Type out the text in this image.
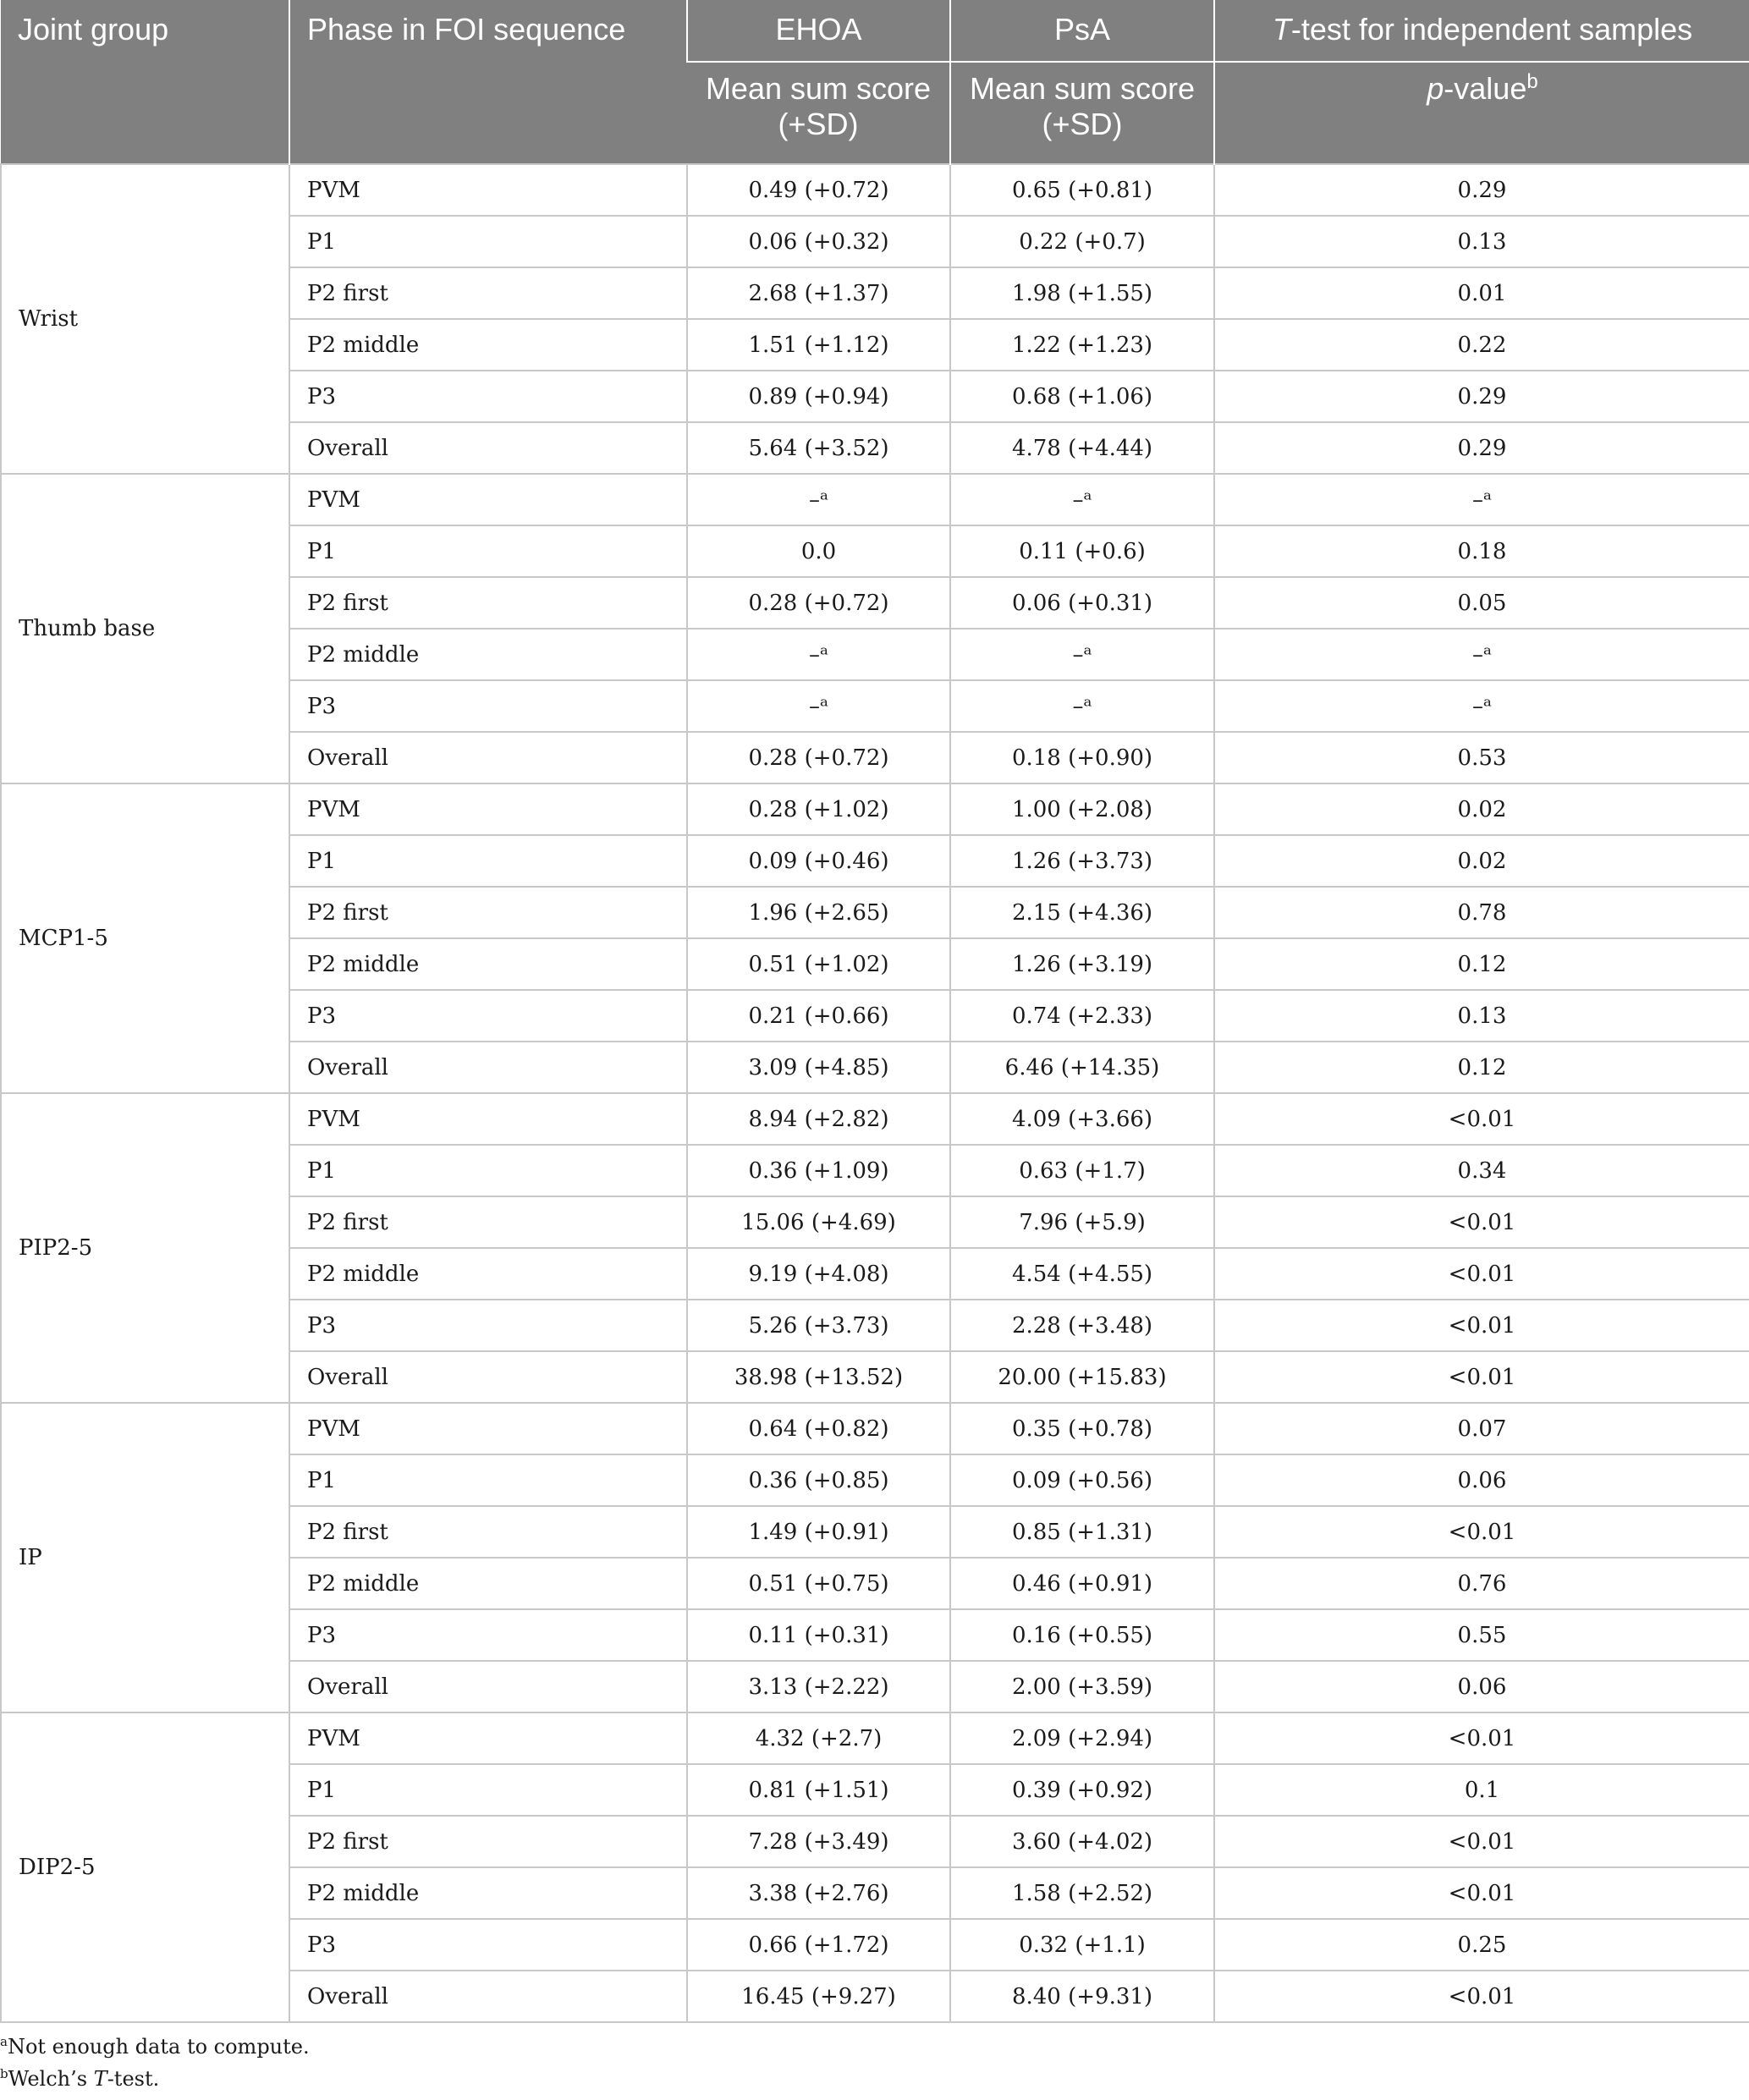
Joint group	Phase in FOI sequence	EHOA	PsA	T-test for independent samples
		Mean sum score (+SD)	Mean sum score (+SD)	p-value$^b$
Wrist	PVM	0.49 (+0.72)	0.65 (+0.81)	0.29
	P1	0.06 (+0.32)	0.22 (+0.7)	0.13
	P2 first	2.68 (+1.37)	1.98 (+1.55)	0.01
	P2 middle	1.51 (+1.12)	1.22 (+1.23)	0.22
	P3	0.89 (+0.94)	0.68 (+1.06)	0.29
	Overall	5.64 (+3.52)	4.78 (+4.44)	0.29
Thumb base	PVM	–ᵃ	–ᵃ	–ᵃ
	P1	0.0	0.11 (+0.6)	0.18
	P2 first	0.28 (+0.72)	0.06 (+0.31)	0.05
	P2 middle	–ᵃ	–ᵃ	–ᵃ
	P3	–ᵃ	–ᵃ	–ᵃ
	Overall	0.28 (+0.72)	0.18 (+0.90)	0.53
MCP1-5	PVM	0.28 (+1.02)	1.00 (+2.08)	0.02
	P1	0.09 (+0.46)	1.26 (+3.73)	0.02
	P2 first	1.96 (+2.65)	2.15 (+4.36)	0.78
	P2 middle	0.51 (+1.02)	1.26 (+3.19)	0.12
	P3	0.21 (+0.66)	0.74 (+2.33)	0.13
	Overall	3.09 (+4.85)	6.46 (+14.35)	0.12
PIP2-5	PVM	8.94 (+2.82)	4.09 (+3.66)	<0.01
	P1	0.36 (+1.09)	0.63 (+1.7)	0.34
	P2 first	15.06 (+4.69)	7.96 (+5.9)	<0.01
	P2 middle	9.19 (+4.08)	4.54 (+4.55)	<0.01
	P3	5.26 (+3.73)	2.28 (+3.48)	<0.01
	Overall	38.98 (+13.52)	20.00 (+15.83)	<0.01
IP	PVM	0.64 (+0.82)	0.35 (+0.78)	0.07
	P1	0.36 (+0.85)	0.09 (+0.56)	0.06
	P2 first	1.49 (+0.91)	0.85 (+1.31)	<0.01
	P2 middle	0.51 (+0.75)	0.46 (+0.91)	0.76
	P3	0.11 (+0.31)	0.16 (+0.55)	0.55
	Overall	3.13 (+2.22)	2.00 (+3.59)	0.06
DIP2-5	PVM	4.32 (+2.7)	2.09 (+2.94)	<0.01
	P1	0.81 (+1.51)	0.39 (+0.92)	0.1
	P2 first	7.28 (+3.49)	3.60 (+4.02)	<0.01
	P2 middle	3.38 (+2.76)	1.58 (+2.52)	<0.01
	P3	0.66 (+1.72)	0.32 (+1.1)	0.25
	Overall	16.45 (+9.27)	8.40 (+9.31)	<0.01
$^a$Not enough data to compute.
$^b$Welch’s T-test.
